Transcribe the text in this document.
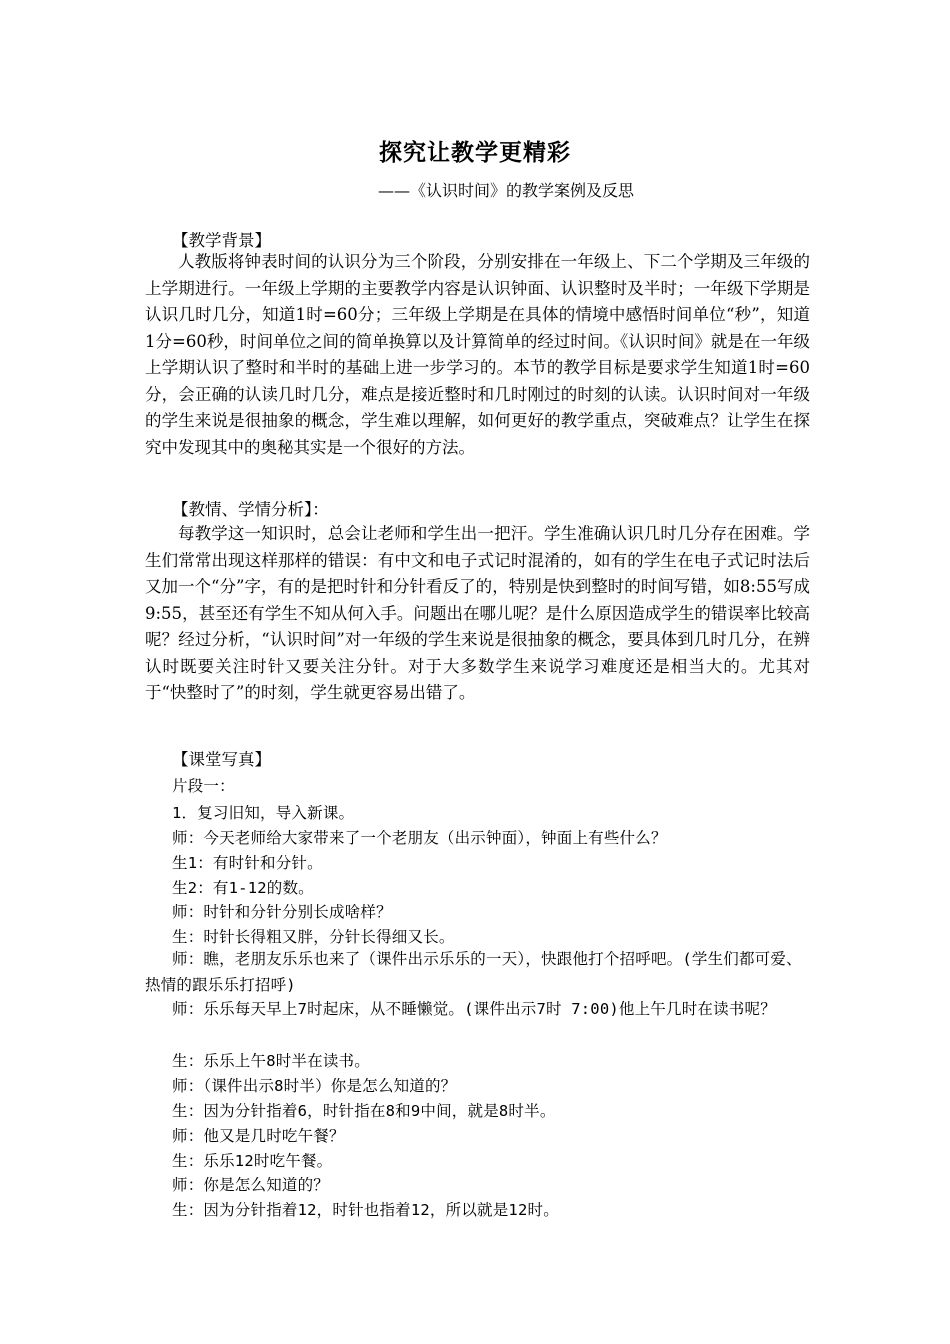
探究让教学更精彩
——《认识时间》的教学案例及反思
【教学背景】

人教版将钟表时间的认识分为三个阶段，分别安排在一年级上、下二个学期及三年级的上学期进行。一年级上学期的主要教学内容是认识钟面、认识整时及半时；一年级下学期是认识几时几分，知道1时=60分；三年级上学期是在具体的情境中感悟时间单位“秒”，知道1分=60秒，时间单位之间的简单换算以及计算简单的经过时间。《认识时间》就是在一年级上学期认识了整时和半时的基础上进一步学习的。本节的教学目标是要求学生知道1时=60分，会正确的认读几时几分，难点是接近整时和几时刚过的时刻的认读。认识时间对一年级的学生来说是很抽象的概念，学生难以理解，如何更好的教学重点，突破难点？让学生在探究中发现其中的奥秘其实是一个很好的方法。

【教情、学情分析】：

每教学这一知识时，总会让老师和学生出一把汗。学生准确认识几时几分存在困难。学生们常常出现这样那样的错误：有中文和电子式记时混淆的，如有的学生在电子式记时法后又加一个“分”字，有的是把时针和分针看反了的，特别是快到整时的时间写错，如8:55写成9:55，甚至还有学生不知从何入手。问题出在哪儿呢？是什么原因造成学生的错误率比较高呢？经过分析，“认识时间”对一年级的学生来说是很抽象的概念，要具体到几时几分，在辨认时既要关注时针又要关注分针。对于大多数学生来说学习难度还是相当大的。尤其对于“快整时了”的时刻，学生就更容易出错了。

【课堂写真】
片段一：
1．复习旧知，导入新课。
师：今天老师给大家带来了一个老朋友（出示钟面），钟面上有些什么？
生1：有时针和分针。
生2：有1-12的数。
师：时针和分针分别长成啥样？
生：时针长得粗又胖，分针长得细又长。
师：瞧，老朋友乐乐也来了（课件出示乐乐的一天），快跟他打个招呼吧。(学生们都可爱、热情的跟乐乐打招呼)
师：乐乐每天早上7时起床，从不睡懒觉。(课件出示7时 7:00)他上午几时在读书呢？
生：乐乐上午8时半在读书。
师：（课件出示8时半）你是怎么知道的？
生：因为分针指着6，时针指在8和9中间，就是8时半。
师：他又是几时吃午餐？
生：乐乐12时吃午餐。
师：你是怎么知道的？
生：因为分针指着12，时针也指着12，所以就是12时。
